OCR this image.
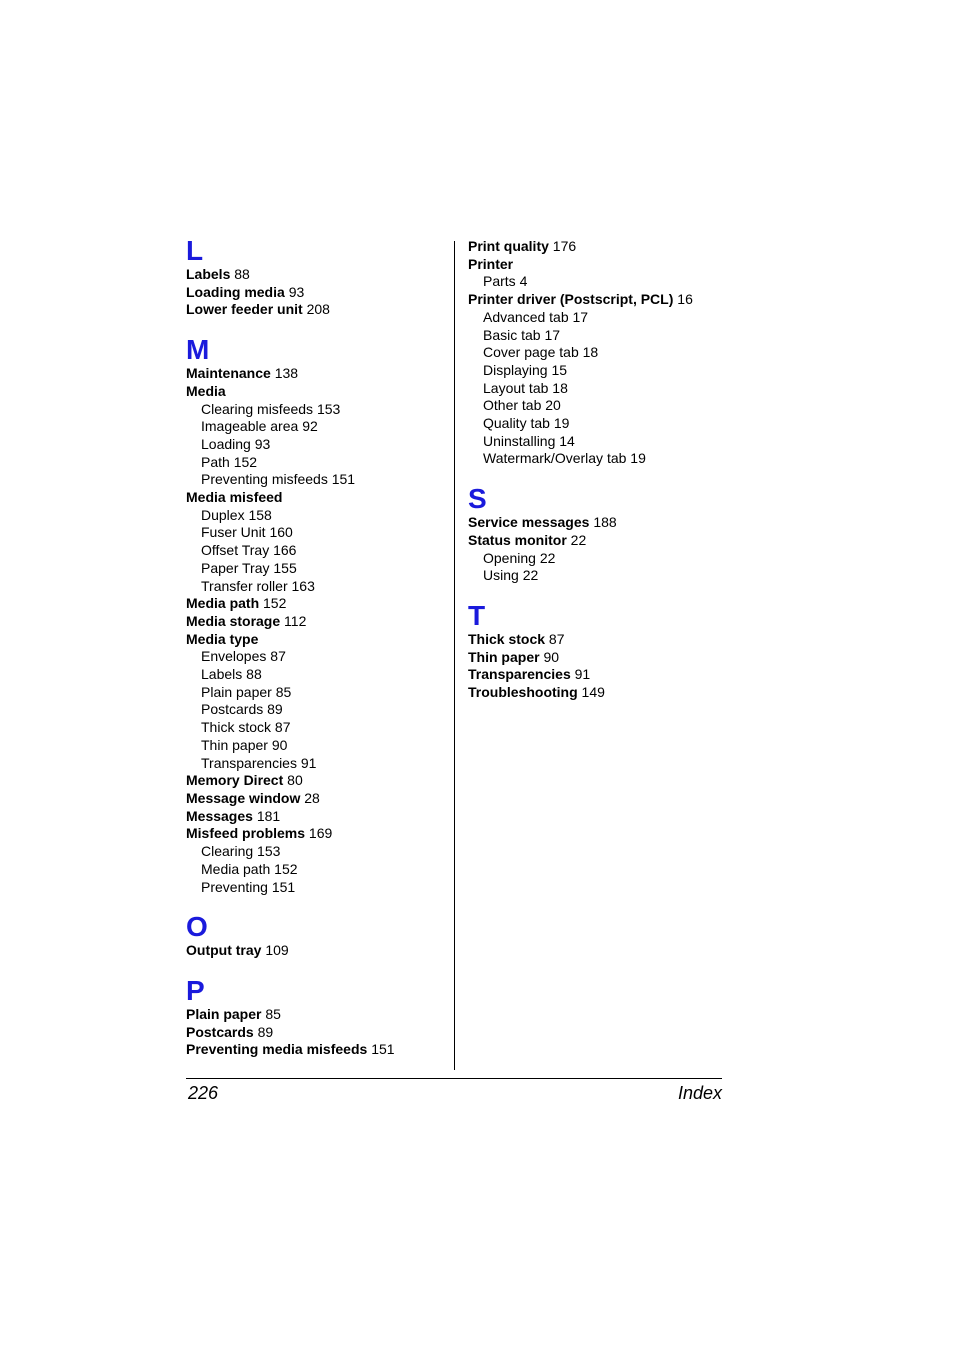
L
Labels 88
Loading media 93
Lower feeder unit 208
M
Maintenance 138
Media
Clearing misfeeds 153
Imageable area 92
Loading 93
Path 152
Preventing misfeeds 151
Media misfeed
Duplex 158
Fuser Unit 160
Offset Tray 166
Paper Tray 155
Transfer roller 163
Media path 152
Media storage 112
Media type
Envelopes 87
Labels 88
Plain paper 85
Postcards 89
Thick stock 87
Thin paper 90
Transparencies 91
Memory Direct 80
Message window 28
Messages 181
Misfeed problems 169
Clearing 153
Media path 152
Preventing 151
O
Output tray 109
P
Plain paper 85
Postcards 89
Preventing media misfeeds 151
Print quality 176
Printer
Parts 4
Printer driver (Postscript, PCL) 16
Advanced tab 17
Basic tab 17
Cover page tab 18
Displaying 15
Layout tab 18
Other tab 20
Quality tab 19
Uninstalling 14
Watermark/Overlay tab 19
S
Service messages 188
Status monitor 22
Opening 22
Using 22
T
Thick stock 87
Thin paper 90
Transparencies 91
Troubleshooting 149
226	Index
